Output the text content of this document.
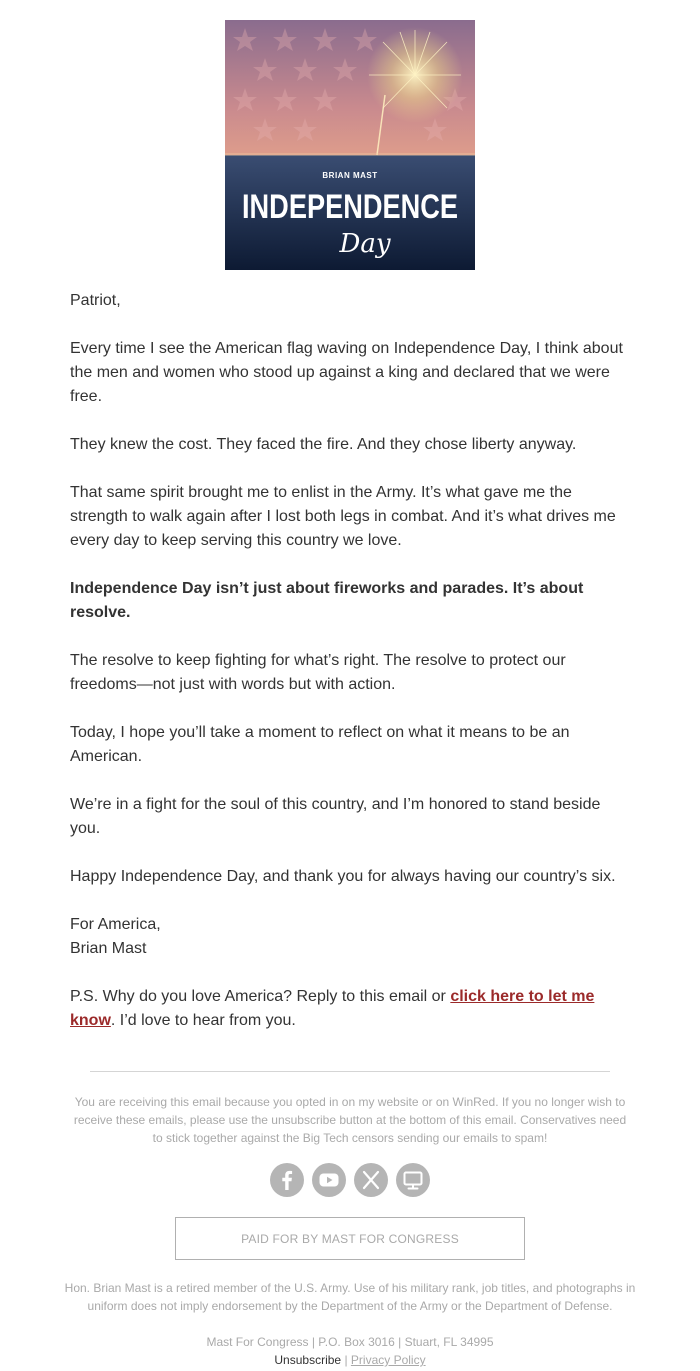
BRIAN MAST
INDEPENDENCE
Day

Patriot,

Every time I see the American flag waving on Independence Day, I think about the men and women who stood up against a king and declared that we were free.

They knew the cost. They faced the fire. And they chose liberty anyway.

That same spirit brought me to enlist in the Army. It’s what gave me the strength to walk again after I lost both legs in combat. And it’s what drives me every day to keep serving this country we love.

Independence Day isn’t just about fireworks and parades. It’s about resolve.

The resolve to keep fighting for what’s right. The resolve to protect our freedoms—not just with words but with action.

Today, I hope you’ll take a moment to reflect on what it means to be an American.

We’re in a fight for the soul of this country, and I’m honored to stand beside you.

Happy Independence Day, and thank you for always having our country’s six.

For America,
Brian Mast

P.S. Why do you love America? Reply to this email or click here to let me know. I’d love to hear from you.

You are receiving this email because you opted in on my website or on WinRed. If you no longer wish to receive these emails, please use the unsubscribe button at the bottom of this email. Conservatives need to stick together against the Big Tech censors sending our emails to spam!
PAID FOR BY MAST FOR CONGRESS
Hon. Brian Mast is a retired member of the U.S. Army. Use of his military rank, job titles, and photographs in uniform does not imply endorsement by the Department of the Army or the Department of Defense.
Mast For Congress | P.O. Box 3016 | Stuart, FL 34995
Unsubscribe | Privacy Policy
